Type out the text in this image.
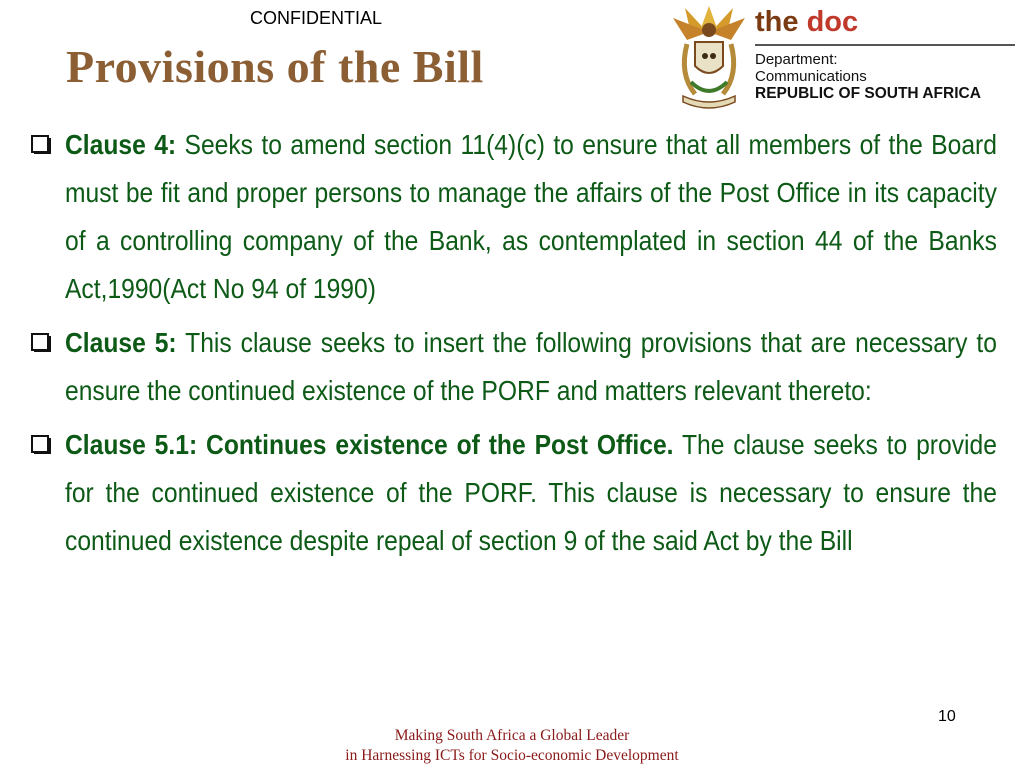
CONFIDENTIAL
Provisions of the Bill
the doc
Department:
Communications
REPUBLIC OF SOUTH AFRICA
Clause 4: Seeks to amend section 11(4)(c) to ensure that all members of the Board must be fit and proper persons to manage the affairs of the Post Office in its capacity of a controlling company of the Bank, as contemplated in section 44 of the Banks Act,1990(Act No 94 of 1990)
Clause 5: This clause seeks to insert the following provisions that are necessary to ensure the continued existence of the PORF and matters relevant thereto:
Clause 5.1: Continues existence of the Post Office. The clause seeks to provide for the continued existence of the PORF. This clause is necessary to ensure the continued existence despite repeal of section 9 of the said Act by the Bill
10
Making South Africa a Global Leader
in Harnessing ICTs for Socio-economic Development
